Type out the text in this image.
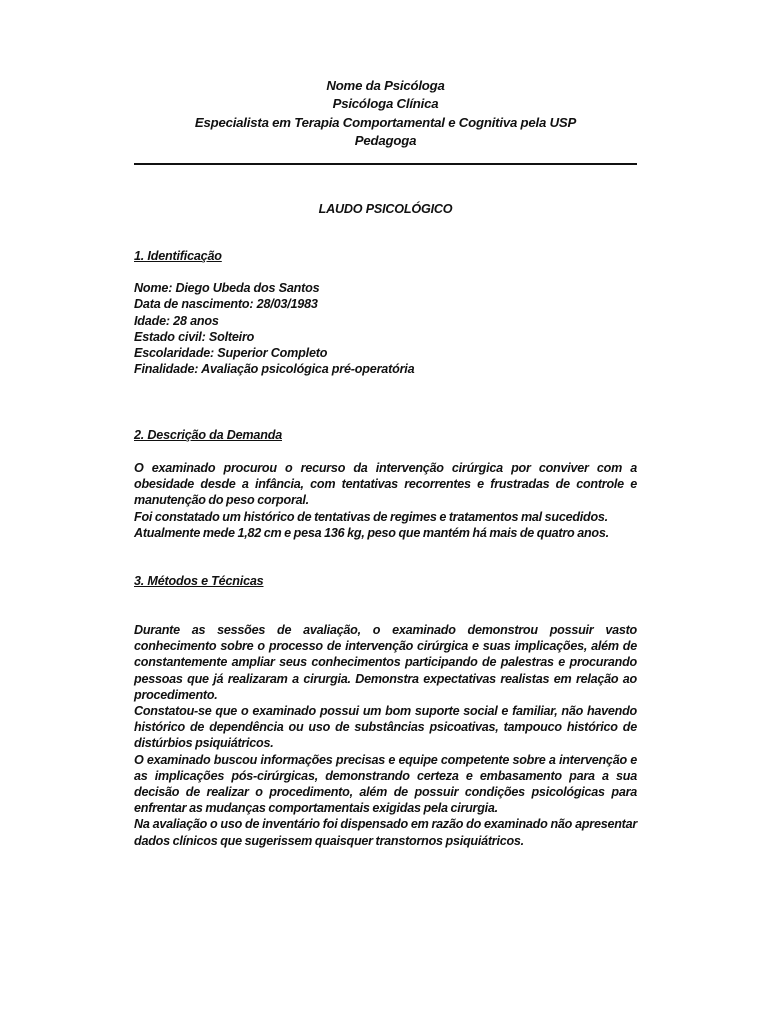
Nome da Psicóloga
Psicóloga Clínica
Especialista em Terapia Comportamental e Cognitiva pela USP
Pedagoga
LAUDO PSICOLÓGICO
1. Identificação
Nome: Diego Ubeda dos Santos
Data de nascimento: 28/03/1983
Idade: 28 anos
Estado civil: Solteiro
Escolaridade: Superior Completo
Finalidade: Avaliação psicológica pré-operatória
2. Descrição da Demanda

O examinado procurou o recurso da intervenção cirúrgica por conviver com a obesidade desde a infância, com tentativas recorrentes e frustradas de controle e manutenção do peso corporal.

Foi constatado um histórico de tentativas de regimes e tratamentos mal sucedidos.

Atualmente mede 1,82 cm e pesa 136 kg, peso que mantém há mais de quatro anos.

3. Métodos e Técnicas

Durante as sessões de avaliação, o examinado demonstrou possuir vasto conhecimento sobre o processo de intervenção cirúrgica e suas implicações, além de constantemente ampliar seus conhecimentos participando de palestras e procurando pessoas que já realizaram a cirurgia. Demonstra expectativas realistas em relação ao procedimento.

Constatou-se que o examinado possui um bom suporte social e familiar, não havendo histórico de dependência ou uso de substâncias psicoativas, tampouco histórico de distúrbios psiquiátricos.

O examinado buscou informações precisas e equipe competente sobre a intervenção e as implicações pós-cirúrgicas, demonstrando certeza e embasamento para a sua decisão de realizar o procedimento, além de possuir condições psicológicas para enfrentar as mudanças comportamentais exigidas pela cirurgia.

Na avaliação o uso de inventário foi dispensado em razão do examinado não apresentar dados clínicos que sugerissem quaisquer transtornos psiquiátricos.
